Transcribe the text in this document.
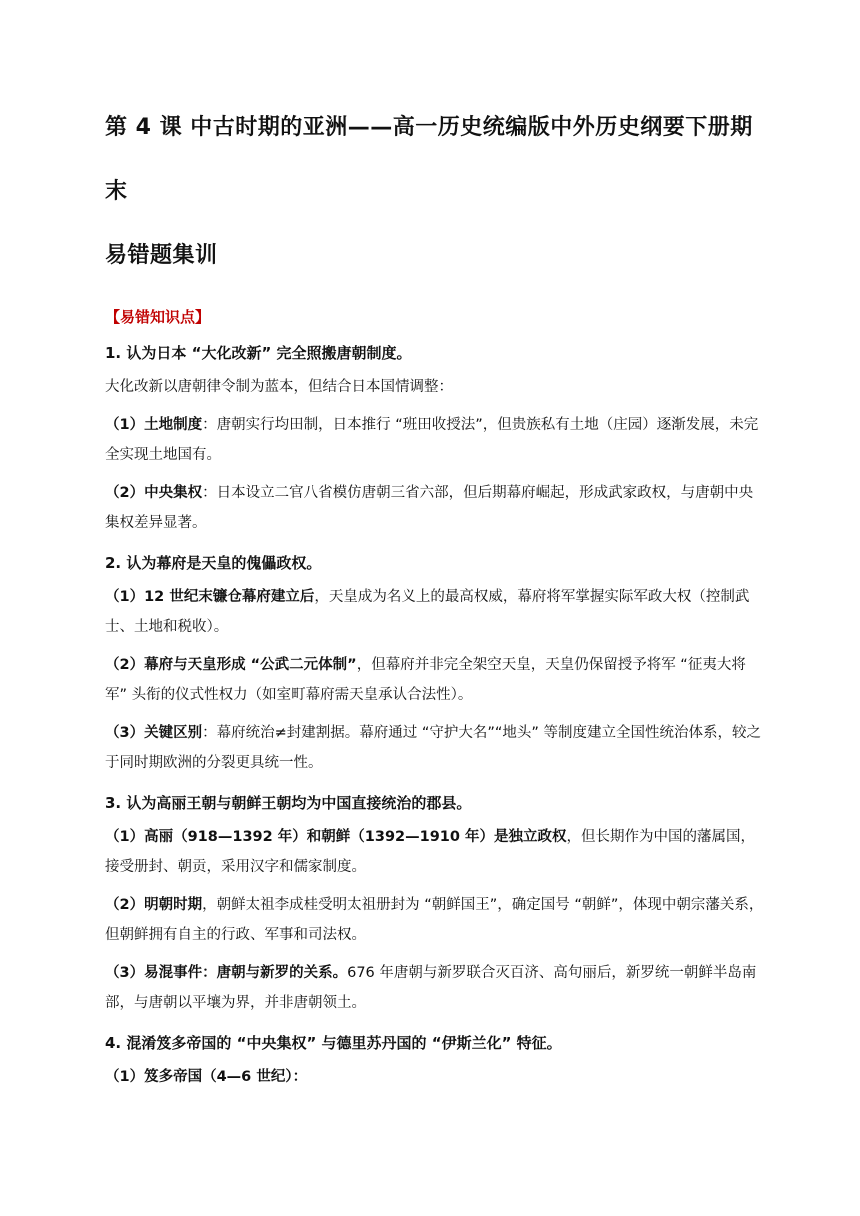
第 4 课 中古时期的亚洲——高一历史统编版中外历史纲要下册期末
易错题集训
【易错知识点】
1. 认为日本 “大化改新” 完全照搬唐朝制度。
大化改新以唐朝律令制为蓝本，但结合日本国情调整：
（1）土地制度：唐朝实行均田制，日本推行 “班田收授法”，但贵族私有土地（庄园）逐渐发展，未完全实现土地国有。
（2）中央集权：日本设立二官八省模仿唐朝三省六部，但后期幕府崛起，形成武家政权，与唐朝中央集权差异显著。
2. 认为幕府是天皇的傀儡政权。
（1）12 世纪末镰仓幕府建立后，天皇成为名义上的最高权威，幕府将军掌握实际军政大权（控制武士、土地和税收）。
（2）幕府与天皇形成 “公武二元体制”，但幕府并非完全架空天皇，天皇仍保留授予将军 “征夷大将军” 头衔的仪式性权力（如室町幕府需天皇承认合法性）。
（3）关键区别：幕府统治≠封建割据。幕府通过 “守护大名”“地头” 等制度建立全国性统治体系，较之于同时期欧洲的分裂更具统一性。
3. 认为高丽王朝与朝鲜王朝均为中国直接统治的郡县。
（1）高丽（918—1392 年）和朝鲜（1392—1910 年）是独立政权，但长期作为中国的藩属国，接受册封、朝贡，采用汉字和儒家制度。
（2）明朝时期，朝鲜太祖李成桂受明太祖册封为 “朝鲜国王”，确定国号 “朝鲜”，体现中朝宗藩关系，但朝鲜拥有自主的行政、军事和司法权。
（3）易混事件：唐朝与新罗的关系。676 年唐朝与新罗联合灭百济、高句丽后，新罗统一朝鲜半岛南部，与唐朝以平壤为界，并非唐朝领土。
4. 混淆笈多帝国的 “中央集权” 与德里苏丹国的 “伊斯兰化” 特征。
（1）笈多帝国（4—6 世纪）：
